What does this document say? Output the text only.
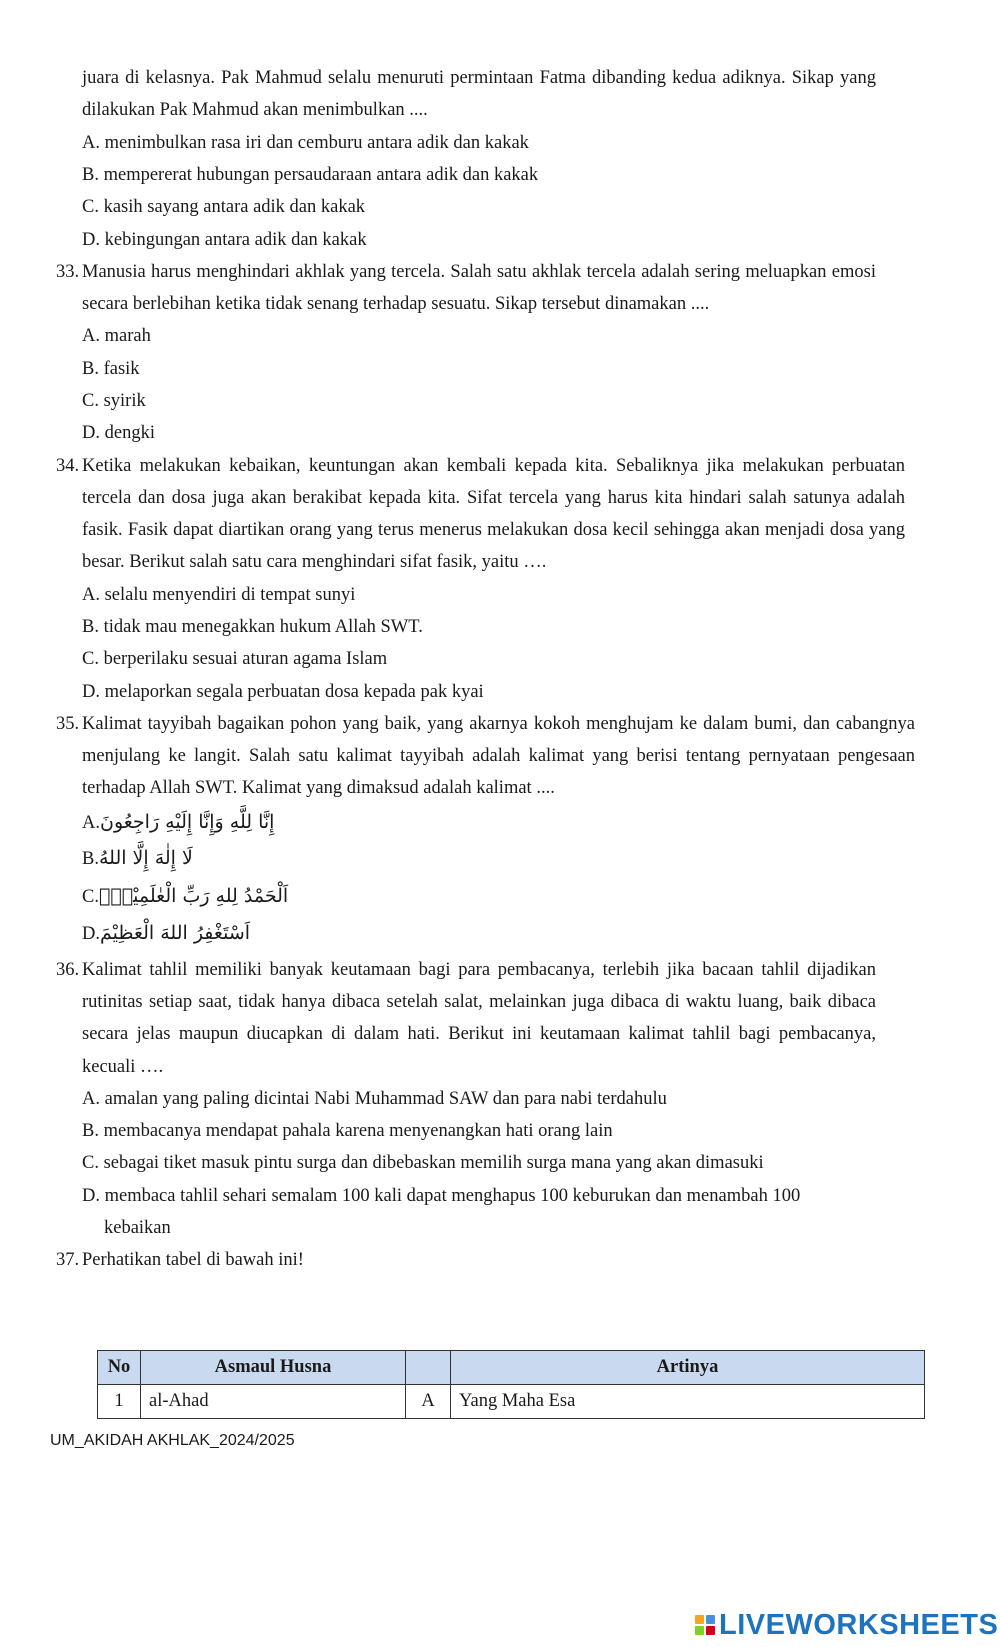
juara di kelasnya. Pak Mahmud selalu menuruti permintaan Fatma dibanding kedua adiknya. Sikap yang
dilakukan Pak Mahmud akan menimbulkan ....
A. menimbulkan rasa iri dan cemburu antara adik dan kakak
B. mempererat hubungan persaudaraan antara adik dan kakak
C. kasih sayang antara adik dan kakak
D. kebingungan antara adik dan kakak
33. Manusia harus menghindari akhlak yang tercela. Salah satu akhlak tercela adalah sering meluapkan emosi
secara berlebihan ketika tidak senang terhadap sesuatu. Sikap tersebut dinamakan ....
A. marah
B. fasik
C. syirik
D. dengki
34. Ketika melakukan kebaikan, keuntungan akan kembali kepada kita. Sebaliknya jika melakukan perbuatan
tercela dan dosa juga akan berakibat kepada kita. Sifat tercela yang harus kita hindari salah satunya adalah
fasik. Fasik dapat diartikan orang yang terus menerus melakukan dosa kecil sehingga akan menjadi dosa yang
besar. Berikut salah satu cara menghindari sifat fasik, yaitu ….
A. selalu menyendiri di tempat sunyi
B. tidak mau menegakkan hukum Allah SWT.
C. berperilaku sesuai aturan agama Islam
D. melaporkan segala perbuatan dosa kepada pak kyai
35. Kalimat tayyibah bagaikan pohon yang baik, yang akarnya kokoh menghujam ke dalam bumi, dan cabangnya
menjulang ke langit. Salah satu kalimat tayyibah adalah kalimat yang berisi tentang pernyataan pengesaan
terhadap Allah SWT. Kalimat yang dimaksud adalah kalimat ....
A.إِنَّا لِلَّهِ وَإِنَّا إِلَيْهِ رَاجِعُونَ
B.لَا إِلٰهَ إِلَّا اللهُ
C.اَلْحَمْدُ لِلهِ رَبِّ الْعٰلَمِيْنَۙ
D.اَسْتَغْفِرُ اللهَ الْعَظِيْمَ
36. Kalimat tahlil memiliki banyak keutamaan bagi para pembacanya, terlebih jika bacaan tahlil dijadikan
rutinitas setiap saat, tidak hanya dibaca setelah salat, melainkan juga dibaca di waktu luang, baik dibaca
secara jelas maupun diucapkan di dalam hati. Berikut ini keutamaan kalimat tahlil bagi pembacanya,
kecuali ….
A. amalan yang paling dicintai Nabi Muhammad SAW dan para nabi terdahulu
B. membacanya mendapat pahala karena menyenangkan hati orang lain
C. sebagai tiket masuk pintu surga dan dibebaskan memilih surga mana yang akan dimasuki
D. membaca tahlil sehari semalam 100 kali dapat menghapus 100 keburukan dan menambah 100
kebaikan
37. Perhatikan tabel di bawah ini!
No	Asmaul Husna		Artinya
1	al-Ahad	A	Yang Maha Esa
UM_AKIDAH AKHLAK_2024/2025
LIVEWORKSHEETS
